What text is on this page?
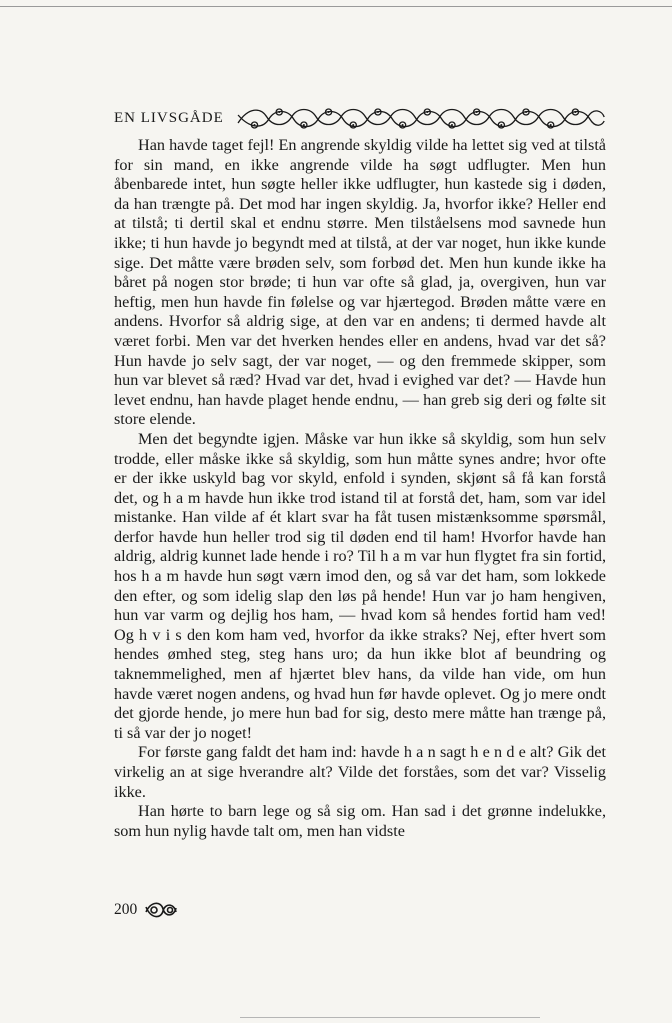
EN LIVSGÅDE

Han havde taget fejl! En angrende skyldig vilde ha lettet sig ved at tilstå for sin mand, en ikke angrende vilde ha søgt udflugter. Men hun åbenbarede intet, hun søgte heller ikke udflugter, hun kastede sig i døden, da han trængte på. Det mod har ingen skyldig. Ja, hvorfor ikke? Heller end at tilstå; ti dertil skal et endnu større. Men tilståelsens mod savnede hun ikke; ti hun havde jo begyndt med at tilstå, at der var noget, hun ikke kunde sige. Det måtte være brøden selv, som forbød det. Men hun kunde ikke ha båret på nogen stor brøde; ti hun var ofte så glad, ja, overgiven, hun var heftig, men hun havde fin følelse og var hjærtegod. Brøden måtte være en andens. Hvorfor så aldrig sige, at den var en andens; ti dermed havde alt været forbi. Men var det hverken hendes eller en andens, hvad var det så? Hun havde jo selv sagt, der var noget, — og den fremmede skipper, som hun var blevet så ræd? Hvad var det, hvad i evighed var det? — Havde hun levet endnu, han havde plaget hende endnu, — han greb sig deri og følte sit store elende.

Men det begyndte igjen. Måske var hun ikke så skyldig, som hun selv trodde, eller måske ikke så skyldig, som hun måtte synes andre; hvor ofte er der ikke uskyld bag vor skyld, enfold i synden, skjønt så få kan forstå det, og h a m havde hun ikke trod istand til at forstå det, ham, som var idel mistanke. Han vilde af ét klart svar ha fåt tusen mistænksomme spørsmål, derfor havde hun heller trod sig til døden end til ham! Hvorfor havde han aldrig, aldrig kunnet lade hende i ro? Til h a m var hun flygtet fra sin fortid, hos h a m havde hun søgt værn imod den, og så var det ham, som lokkede den efter, og som idelig slap den løs på hende! Hun var jo ham hengiven, hun var varm og dejlig hos ham, — hvad kom så hendes fortid ham ved! Og h v i s den kom ham ved, hvorfor da ikke straks? Nej, efter hvert som hendes ømhed steg, steg hans uro; da hun ikke blot af beundring og taknemmelighed, men af hjærtet blev hans, da vilde han vide, om hun havde været nogen andens, og hvad hun før havde oplevet. Og jo mere ondt det gjorde hende, jo mere hun bad for sig, desto mere måtte han trænge på, ti så var der jo noget!

For første gang faldt det ham ind: havde h a n sagt h e n d e alt? Gik det virkelig an at sige hverandre alt? Vilde det forståes, som det var? Visselig ikke.

Han hørte to barn lege og så sig om. Han sad i det grønne indelukke, som hun nylig havde talt om, men han vidste

200
